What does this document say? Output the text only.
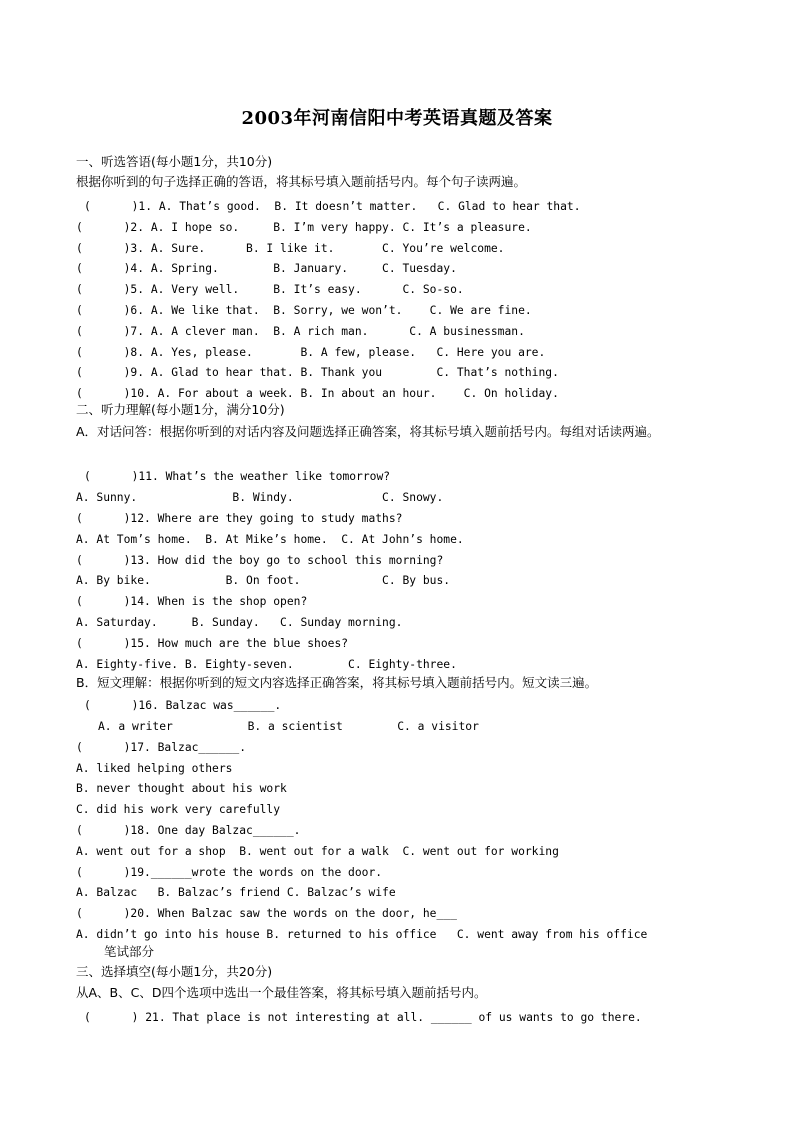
2003年河南信阳中考英语真题及答案
一、听选答语(每小题1分，共10分)
根据你听到的句子选择正确的答语，将其标号填入题前括号内。每个句子读两遍。
(      )1. A. That’s good.  B. It doesn’t matter.   C. Glad to hear that.
(      )2. A. I hope so.     B. I’m very happy. C. It’s a pleasure.
(      )3. A. Sure.      B. I like it.       C. You’re welcome.
(      )4. A. Spring.        B. January.     C. Tuesday.
(      )5. A. Very well.     B. It’s easy.      C. So-so.
(      )6. A. We like that.  B. Sorry, we won’t.    C. We are fine.
(      )7. A. A clever man.  B. A rich man.      C. A businessman.
(      )8. A. Yes, please.       B. A few, please.   C. Here you are.
(      )9. A. Glad to hear that. B. Thank you        C. That’s nothing.
(      )10. A. For about a week. B. In about an hour.    C. On holiday.
二、听力理解(每小题1分，满分10分)
A．对话问答：根据你听到的对话内容及问题选择正确答案，将其标号填入题前括号内。每组对话读两遍。
(      )11. What’s the weather like tomorrow?
A. Sunny.              B. Windy.             C. Snowy.
(      )12. Where are they going to study maths?
A. At Tom’s home.  B. At Mike’s home.  C. At John’s home.
(      )13. How did the boy go to school this morning?
A. By bike.           B. On foot.            C. By bus.
(      )14. When is the shop open?
A. Saturday.     B. Sunday.   C. Sunday morning.
(      )15. How much are the blue shoes?
A. Eighty-five. B. Eighty-seven.        C. Eighty-three.
B．短文理解：根据你听到的短文内容选择正确答案，将其标号填入题前括号内。短文读三遍。
(      )16. Balzac was______.
A. a writer           B. a scientist        C. a visitor
(      )17. Balzac______.
A. liked helping others
B. never thought about his work
C. did his work very carefully
(      )18. One day Balzac______.
A. went out for a shop  B. went out for a walk  C. went out for working
(      )19.______wrote the words on the door.
A. Balzac   B. Balzac’s friend C. Balzac’s wife
(      )20. When Balzac saw the words on the door, he___
A. didn’t go into his house B. returned to his office   C. went away from his office
笔试部分
三、选择填空(每小题1分，共20分)
从A、B、C、D四个选项中选出一个最佳答案，将其标号填入题前括号内。
(      ) 21. That place is not interesting at all. ______ of us wants to go there.
